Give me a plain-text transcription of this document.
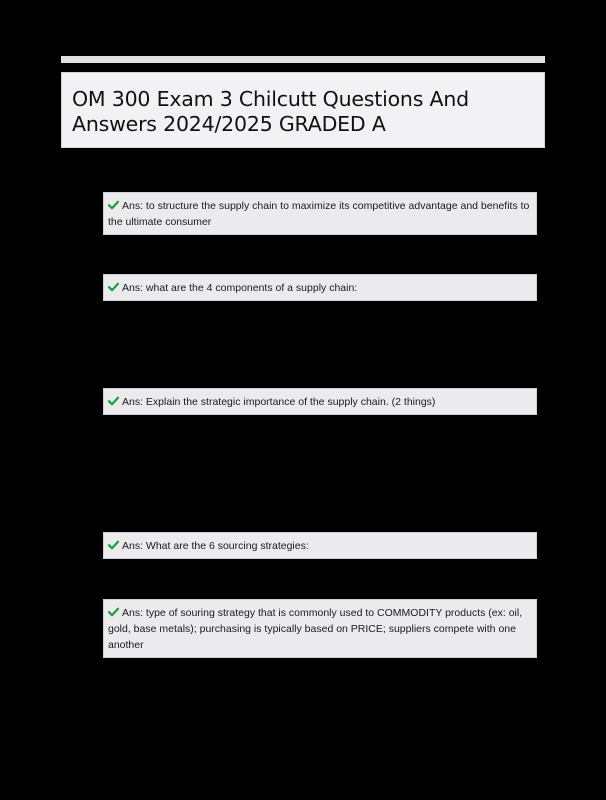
OM 300 Exam 3 Chilcutt Questions And Answers 2024/2025 GRADED A
Ans: to structure the supply chain to maximize its competitive advantage and benefits to the ultimate consumer
Ans: what are the 4 components of a supply chain:
Ans: Explain the strategic importance of the supply chain. (2 things)
Ans: What are the 6 sourcing strategies:
Ans: type of souring strategy that is commonly used to COMMODITY products (ex: oil, gold, base metals); purchasing is typically based on PRICE; suppliers compete with one another
